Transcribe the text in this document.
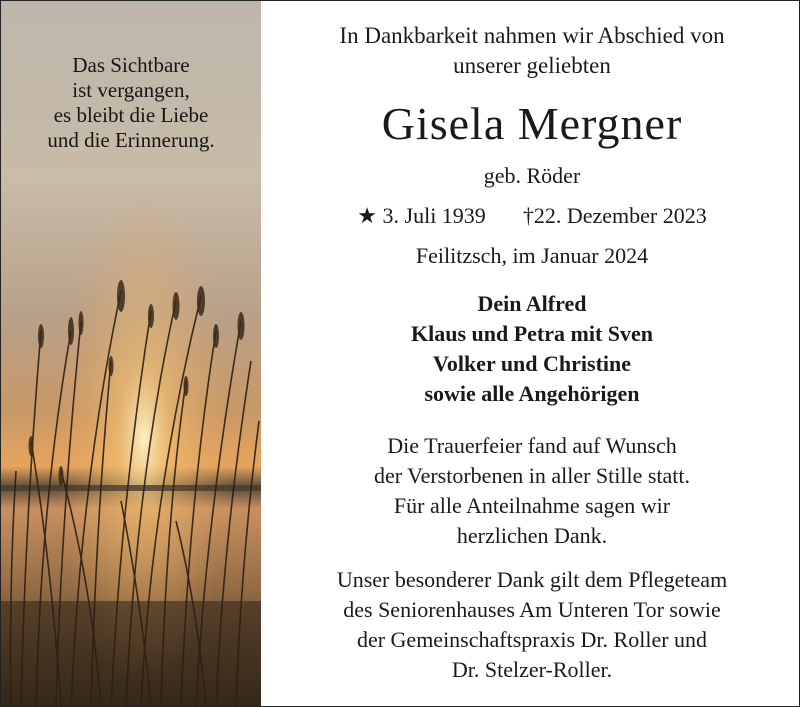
Das Sichtbare
ist vergangen,
es bleibt die Liebe
und die Erinnerung.
In Dankbarkeit nahmen wir Abschied von
unserer geliebten
Gisela Mergner
geb. Röder
★ 3. Juli 1939 †22. Dezember 2023
Feilitzsch, im Januar 2024
Dein Alfred
Klaus und Petra mit Sven
Volker und Christine
sowie alle Angehörigen
Die Trauerfeier fand auf Wunsch
der Verstorbenen in aller Stille statt.
Für alle Anteilnahme sagen wir
herzlichen Dank.
Unser besonderer Dank gilt dem Pflegeteam
des Seniorenhauses Am Unteren Tor sowie
der Gemeinschaftspraxis Dr. Roller und
Dr. Stelzer-Roller.
